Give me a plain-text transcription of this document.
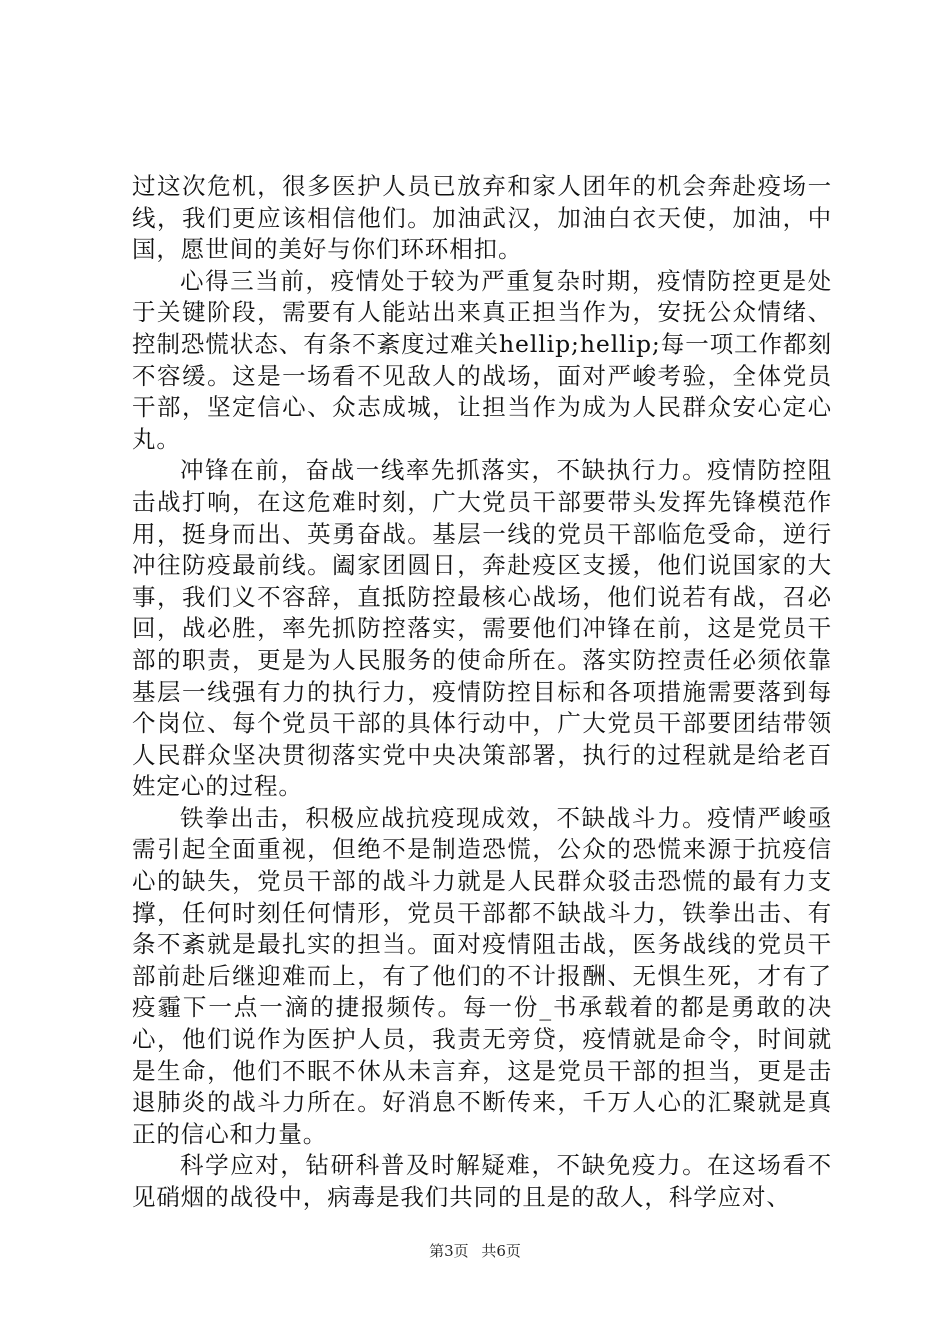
过这次危机，很多医护人员已放弃和家人团年的机会奔赴疫场一线，我们更应该相信他们。加油武汉，加油白衣天使，加油，中国，愿世间的美好与你们环环相扣。

心得三当前，疫情处于较为严重复杂时期，疫情防控更是处于关键阶段，需要有人能站出来真正担当作为，安抚公众情绪、控制恐慌状态、有条不紊度过难关hellip;hellip;每一项工作都刻不容缓。这是一场看不见敌人的战场，面对严峻考验，全体党员干部，坚定信心、众志成城，让担当作为成为人民群众安心定心丸。

冲锋在前，奋战一线率先抓落实，不缺执行力。疫情防控阻击战打响，在这危难时刻，广大党员干部要带头发挥先锋模范作用，挺身而出、英勇奋战。基层一线的党员干部临危受命，逆行冲往防疫最前线。阖家团圆日，奔赴疫区支援，他们说国家的大事，我们义不容辞，直抵防控最核心战场，他们说若有战，召必回，战必胜，率先抓防控落实，需要他们冲锋在前，这是党员干部的职责，更是为人民服务的使命所在。落实防控责任必须依靠基层一线强有力的执行力，疫情防控目标和各项措施需要落到每个岗位、每个党员干部的具体行动中，广大党员干部要团结带领人民群众坚决贯彻落实党中央决策部署，执行的过程就是给老百姓定心的过程。

铁拳出击，积极应战抗疫现成效，不缺战斗力。疫情严峻亟需引起全面重视，但绝不是制造恐慌，公众的恐慌来源于抗疫信心的缺失，党员干部的战斗力就是人民群众驳击恐慌的最有力支撑，任何时刻任何情形，党员干部都不缺战斗力，铁拳出击、有条不紊就是最扎实的担当。面对疫情阻击战，医务战线的党员干部前赴后继迎难而上，有了他们的不计报酬、无惧生死，才有了疫霾下一点一滴的捷报频传。每一份_书承载着的都是勇敢的决心，他们说作为医护人员，我责无旁贷，疫情就是命令，时间就是生命，他们不眠不休从未言弃，这是党员干部的担当，更是击退肺炎的战斗力所在。好消息不断传来，千万人心的汇聚就是真正的信心和力量。

科学应对，钻研科普及时解疑难，不缺免疫力。在这场看不见硝烟的战役中，病毒是我们共同的且是的敌人，科学应对、

第3页 共6页
